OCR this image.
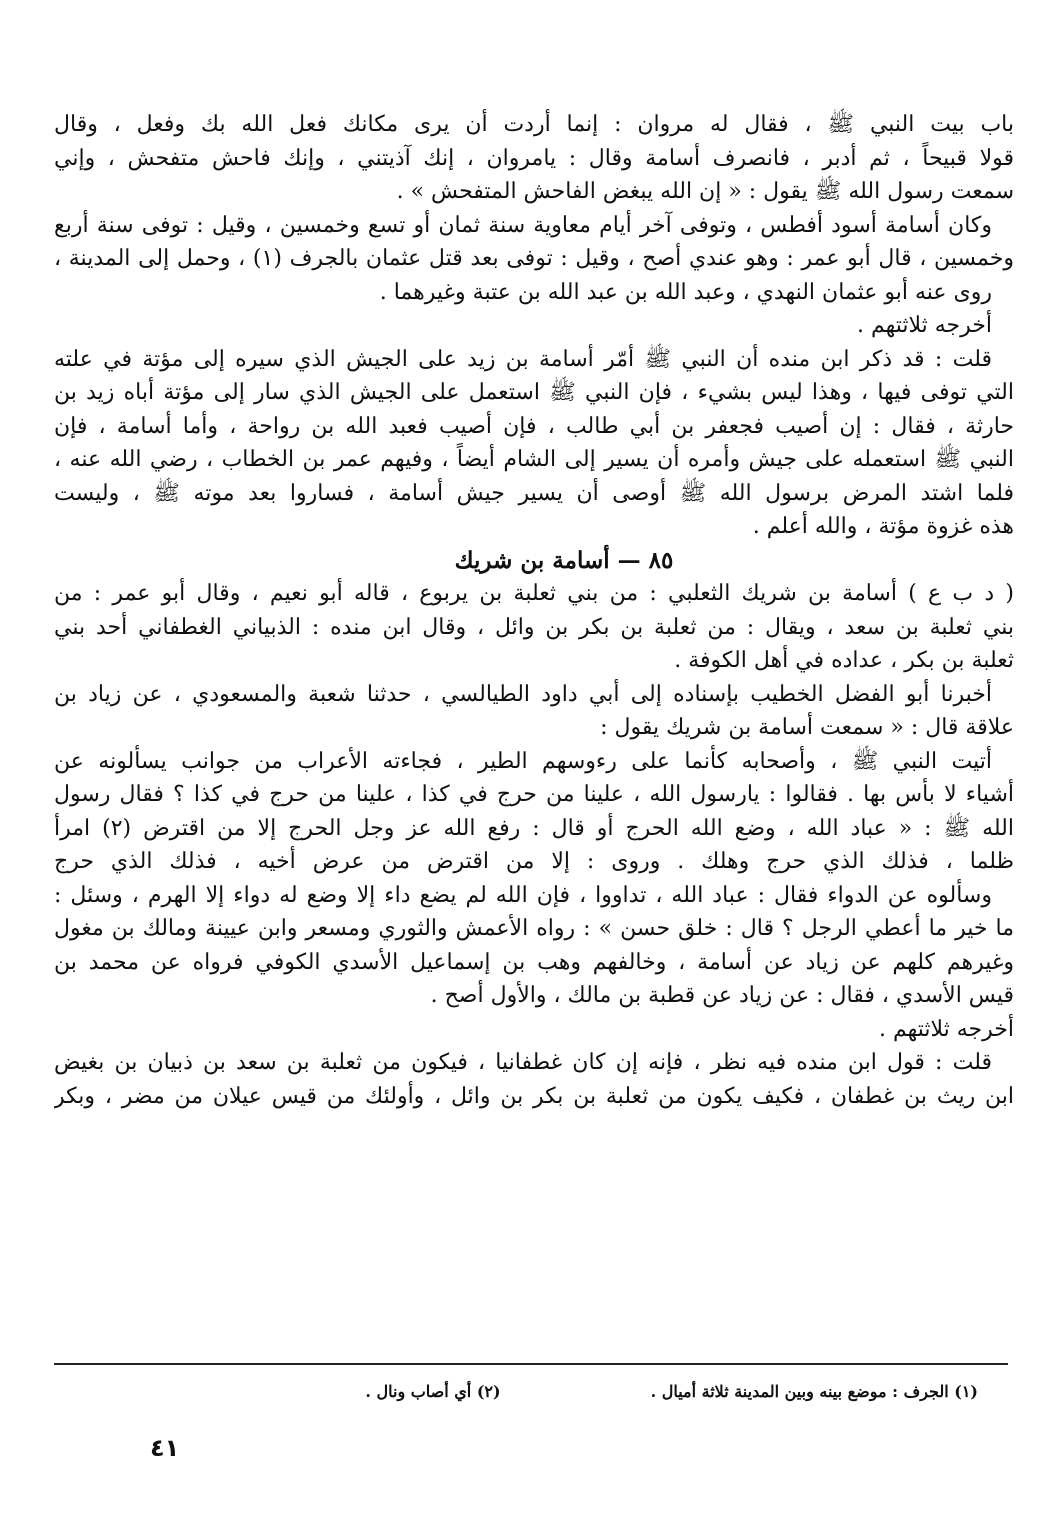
باب بيت النبي ﷺ ، فقال له مروان : إنما أردت أن يرى مكانك فعل الله بك وفعل ، وقال
قولا قبيحاً ، ثم أدبر ، فانصرف أسامة وقال : يامروان ، إنك آذيتني ، وإنك فاحش متفحش ، وإني
سمعت رسول الله ﷺ يقول : « إن الله يبغض الفاحش المتفحش » .
وكان أسامة أسود أفطس ، وتوفى آخر أيام معاوية سنة ثمان أو تسع وخمسين ، وقيل : توفى سنة أربع
وخمسين ، قال أبو عمر : وهو عندي أصح ، وقيل : توفى بعد قتل عثمان بالجرف (١) ، وحمل إلى المدينة ،
روى عنه أبو عثمان النهدي ، وعبد الله بن عبد الله بن عتبة وغيرهما .
أخرجه ثلاثتهم .
قلت : قد ذكر ابن منده أن النبي ﷺ أمّر أسامة بن زيد على الجيش الذي سيره إلى مؤتة في علته
التي توفى فيها ، وهذا ليس بشيء ، فإن النبي ﷺ استعمل على الجيش الذي سار إلى مؤتة أباه زيد بن
حارثة ، فقال : إن أصيب فجعفر بن أبي طالب ، فإن أصيب فعبد الله بن رواحة ، وأما أسامة ، فإن
النبي ﷺ استعمله على جيش وأمره أن يسير إلى الشام أيضاً ، وفيهم عمر بن الخطاب ، رضي الله عنه ،
فلما اشتد المرض برسول الله ﷺ أوصى أن يسير جيش أسامة ، فساروا بعد موته ﷺ ، وليست
هذه غزوة مؤتة ، والله أعلم .
٨٥ — أسامة بن شريك
( د ب ع ) أسامة بن شريك الثعلبي : من بني ثعلبة بن يربوع ، قاله أبو نعيم ، وقال أبو عمر : من
بني ثعلبة بن سعد ، ويقال : من ثعلبة بن بكر بن وائل ، وقال ابن منده : الذبياني الغطفاني أحد بني
ثعلبة بن بكر ، عداده في أهل الكوفة .
أخبرنا أبو الفضل الخطيب بإسناده إلى أبي داود الطيالسي ، حدثنا شعبة والمسعودي ، عن زياد بن
علاقة قال : « سمعت أسامة بن شريك يقول :
أتيت النبي ﷺ ، وأصحابه كأنما على رءوسهم الطير ، فجاءته الأعراب من جوانب يسألونه عن
أشياء لا بأس بها . فقالوا : يارسول الله ، علينا من حرج في كذا ، علينا من حرج في كذا ؟ فقال رسول
الله ﷺ : « عباد الله ، وضع الله الحرج أو قال : رفع الله عز وجل الحرج إلا من اقترض (٢) امرأ
ظلما ، فذلك الذي حرج وهلك . وروى : إلا من اقترض من عرض أخيه ، فذلك الذي حرج
وسألوه عن الدواء فقال : عباد الله ، تداووا ، فإن الله لم يضع داء إلا وضع له دواء إلا الهرم ، وسئل :
ما خير ما أعطي الرجل ؟ قال : خلق حسن » : رواه الأعمش والثوري ومسعر وابن عيينة ومالك بن مغول
وغيرهم كلهم عن زياد عن أسامة ، وخالفهم وهب بن إسماعيل الأسدي الكوفي فرواه عن محمد بن
قيس الأسدي ، فقال : عن زياد عن قطبة بن مالك ، والأول أصح .
أخرجه ثلاثتهم .
قلت : قول ابن منده فيه نظر ، فإنه إن كان غطفانيا ، فيكون من ثعلبة بن سعد بن ذبيان بن بغيض
ابن ريث بن غطفان ، فكيف يكون من ثعلبة بن بكر بن وائل ، وأولئك من قيس عيلان من مضر ، وبكر
(١) الجرف : موضع بينه وبين المدينة ثلاثة أميال .
(٢) أي أصاب ونال .
٤١
